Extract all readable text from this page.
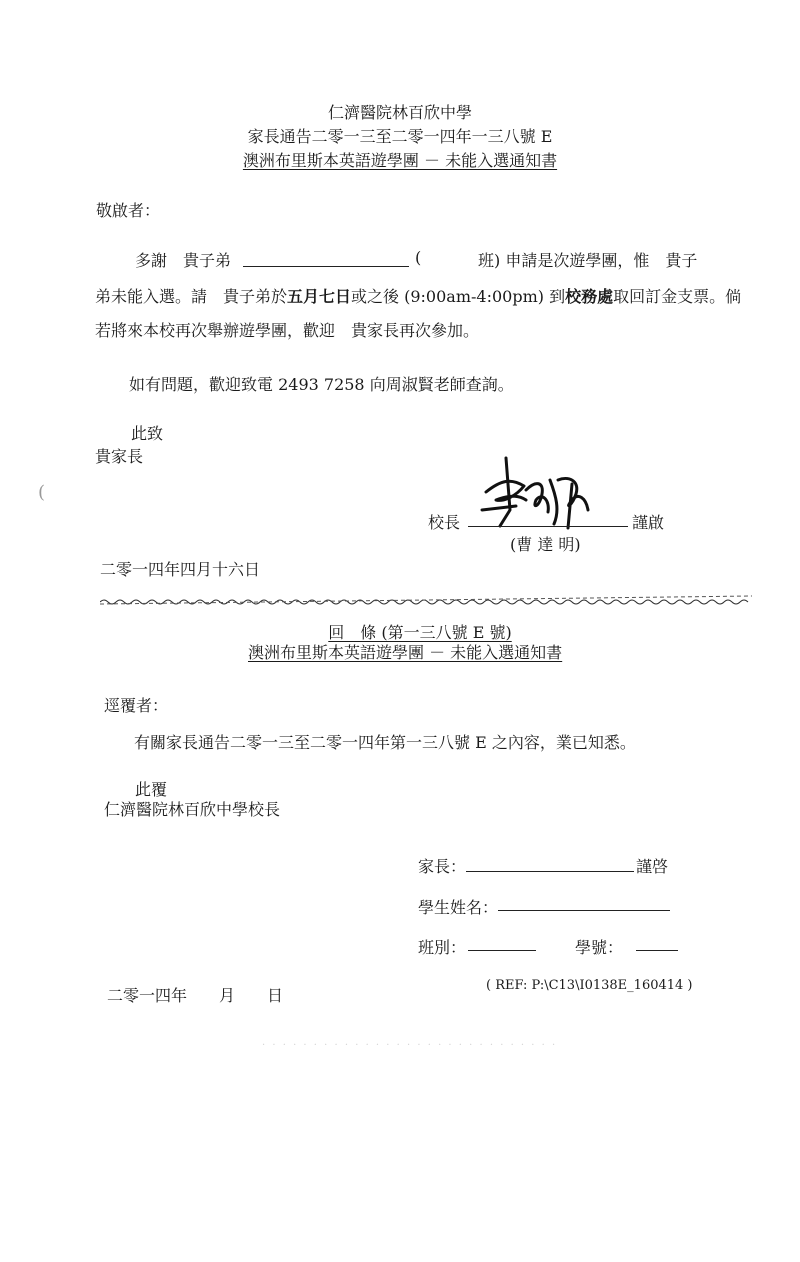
仁濟醫院林百欣中學
家長通告二零一三至二零一四年一三八號 E
澳洲布里斯本英語遊學團 － 未能入選通知書
敬啟者：
多謝　貴子弟	(	班) 申請是次遊學團，惟　貴子
弟未能入選。請　貴子弟於五月七日或之後 (9:00am-4:00pm) 到校務處取回訂金支票。倘
若將來本校再次舉辦遊學團，歡迎　貴家長再次參加。
如有問題，歡迎致電 2493 7258 向周淑賢老師查詢。
此致
貴家長
(
校長	謹啟
(曹 達 明)
二零一四年四月十六日
回　條 (第一三八號 E 號)
澳洲布里斯本英語遊學團 － 未能入選通知書
逕覆者：
有關家長通告二零一三至二零一四年第一三八號 E 之內容，業已知悉。
此覆
仁濟醫院林百欣中學校長
家長：	謹啓
學生姓名：
班別：	學號：
二零一四年　　月　　日
( REF: P:\C13\I0138E_160414 )
· · · · · · · · · · · · · · · · · · · · · · · · · · · · ·
